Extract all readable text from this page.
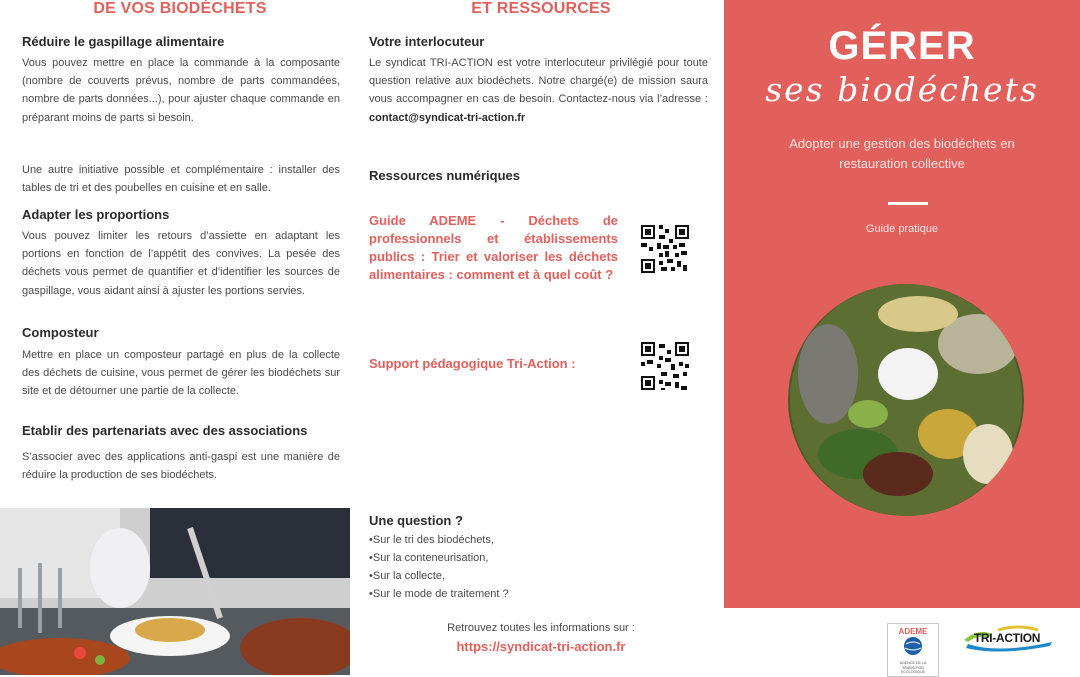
DE VOS BIODÉCHETS
Réduire le gaspillage alimentaire

Vous pouvez mettre en place la commande à la composante (nombre de couverts prévus, nombre de parts commandées, nombre de parts données...), pour ajuster chaque commande en préparant moins de parts si besoin.

Une autre initiative possible et complémentaire : installer des tables de tri et des poubelles en cuisine et en salle.

Adapter les proportions

Vous pouvez limiter les retours d’assiette en adaptant les portions en fonction de l’appétit des convives. La pesée des déchets vous permet de quantifier et d’identifier les sources de gaspillage, vous aidant ainsi à ajuster les portions servies.

Composteur

Mettre en place un composteur partagé en plus de la collecte des déchets de cuisine, vous permet de gérer les biodéchets sur site et de détourner une partie de la collecte.

Etablir des partenariats avec des associations

S’associer avec des applications anti-gaspi est une manière de réduire la production de ses biodéchets.

ET RESSOURCES
Votre interlocuteur

Le syndicat TRI-ACTION est votre interlocuteur privilégié pour toute question relative aux biodéchets. Notre chargé(e) de mission saura vous accompagner en cas de besoin. Contactez-nous via l’adresse : contact@syndicat-tri-action.fr

Ressources numériques

Guide ADEME - Déchets de professionnels et établissements publics : Trier et valoriser les déchets alimentaires : comment et à quel coût ?

Support pédagogique Tri-Action :

Une question ?
• Sur le tri des biodéchets,
• Sur la conteneurisation,
• Sur la collecte,
• Sur le mode de traitement ?
Retrouvez toutes les informations sur :
https://syndicat-tri-action.fr
GÉRER
ses biodéchets
Adopter une gestion des biodéchets en restauration collective
Guide pratique
ADEME
AGENCE DE LA TRANSITION ÉCOLOGIQUE
TRI-ACTION
